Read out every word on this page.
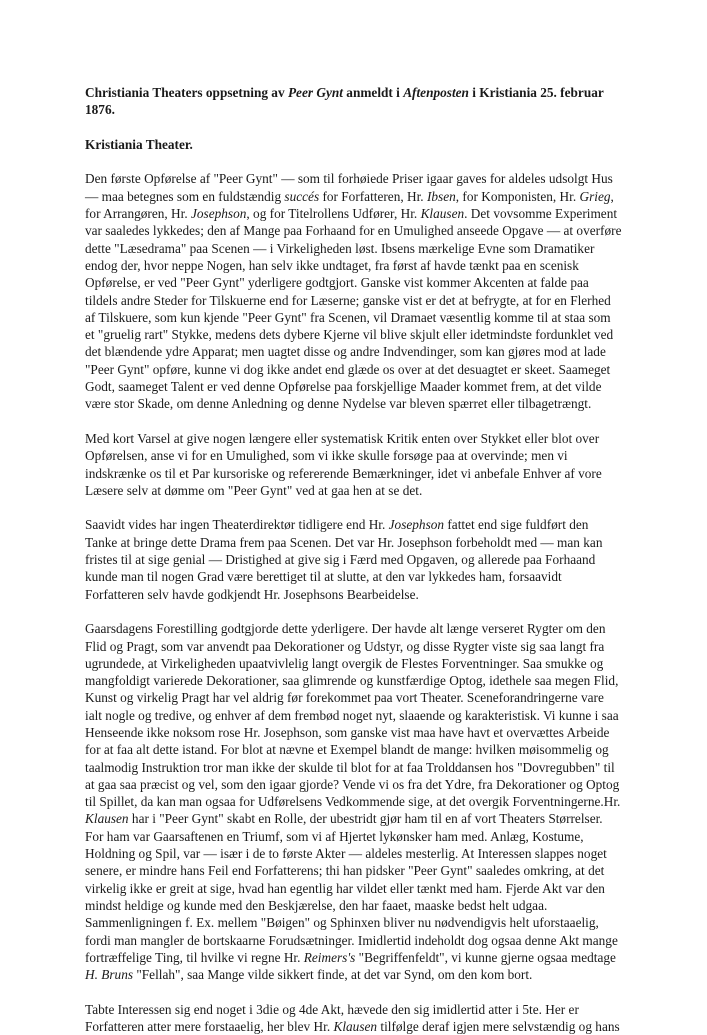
Christiania Theaters oppsetning av Peer Gynt anmeldt i Aftenposten i Kristiania 25. februar 1876.

Kristiania Theater.

Den første Opførelse af "Peer Gynt" — som til forhøiede Priser igaar gaves for aldeles udsolgt Hus — maa betegnes som en fuldstændig succés for Forfatteren, Hr. Ibsen, for Komponisten, Hr. Grieg, for Arrangøren, Hr. Josephson, og for Titelrollens Udfører, Hr. Klausen. Det vovsomme Experiment var saaledes lykkedes; den af Mange paa Forhaand for en Umulighed anseede Opgave — at overføre dette "Læsedrama" paa Scenen — i Virkeligheden løst. Ibsens mærkelige Evne som Dramatiker endog der, hvor neppe Nogen, han selv ikke undtaget, fra først af havde tænkt paa en scenisk Opførelse, er ved "Peer Gynt" yderligere godtgjort. Ganske vist kommer Akcenten at falde paa tildels andre Steder for Tilskuerne end for Læserne; ganske vist er det at befrygte, at for en Flerhed af Tilskuere, som kun kjende "Peer Gynt" fra Scenen, vil Dramaet væsentlig komme til at staa som et "gruelig rart" Stykke, medens dets dybere Kjerne vil blive skjult eller idetmindste fordunklet ved det blændende ydre Apparat; men uagtet disse og andre Indvendinger, som kan gjøres mod at lade "Peer Gynt" opføre, kunne vi dog ikke andet end glæde os over at det desuagtet er skeet. Saameget Godt, saameget Talent er ved denne Opførelse paa forskjellige Maader kommet frem, at det vilde være stor Skade, om denne Anledning og denne Nydelse var bleven spærret eller tilbagetrængt.

Med kort Varsel at give nogen længere eller systematisk Kritik enten over Stykket eller blot over Opførelsen, anse vi for en Umulighed, som vi ikke skulle forsøge paa at overvinde; men vi indskrænke os til et Par kursoriske og refererende Bemærkninger, idet vi anbefale Enhver af vore Læsere selv at dømme om "Peer Gynt" ved at gaa hen at se det.

Saavidt vides har ingen Theaterdirektør tidligere end Hr. Josephson fattet end sige fuldført den Tanke at bringe dette Drama frem paa Scenen. Det var Hr. Josephson forbeholdt med — man kan fristes til at sige genial — Dristighed at give sig i Færd med Opgaven, og allerede paa Forhaand kunde man til nogen Grad være berettiget til at slutte, at den var lykkedes ham, forsaavidt Forfatteren selv havde godkjendt Hr. Josephsons Bearbeidelse.

Gaarsdagens Forestilling godtgjorde dette yderligere. Der havde alt længe verseret Rygter om den Flid og Pragt, som var anvendt paa Dekorationer og Udstyr, og disse Rygter viste sig saa langt fra ugrundede, at Virkeligheden upaatvivlelig langt overgik de Flestes Forventninger. Saa smukke og mangfoldigt varierede Dekorationer, saa glimrende og kunstfærdige Optog, idethele saa megen Flid, Kunst og virkelig Pragt har vel aldrig før forekommet paa vort Theater. Sceneforandringerne vare ialt nogle og tredive, og enhver af dem frembød noget nyt, slaaende og karakteristisk. Vi kunne i saa Henseende ikke noksom rose Hr. Josephson, som ganske vist maa have havt et overvættes Arbeide for at faa alt dette istand. For blot at nævne et Exempel blandt de mange: hvilken møisommelig og taalmodig Instruktion tror man ikke der skulde til blot for at faa Trolddansen hos "Dovregubben" til at gaa saa præcist og vel, som den igaar gjorde? Vende vi os fra det Ydre, fra Dekorationer og Optog til Spillet, da kan man ogsaa for Udførelsens Vedkommende sige, at det overgik Forventningerne.Hr. Klausen har i "Peer Gynt" skabt en Rolle, der ubestridt gjør ham til en af vort Theaters Størrelser. For ham var Gaarsaftenen en Triumf, som vi af Hjertet lykønsker ham med. Anlæg, Kostume, Holdning og Spil, var — især i de to første Akter — aldeles mesterlig. At Interessen slappes noget senere, er mindre hans Feil end Forfatterens; thi han pidsker "Peer Gynt" saaledes omkring, at det virkelig ikke er greit at sige, hvad han egentlig har vildet eller tænkt med ham. Fjerde Akt var den mindst heldige og kunde med den Beskjærelse, den har faaet, maaske bedst helt udgaa. Sammenligningen f. Ex. mellem "Bøigen" og Sphinxen bliver nu nødvendigvis helt uforstaaelig, fordi man mangler de bortskaarne Forudsætninger. Imidlertid indeholdt dog ogsaa denne Akt mange fortræffelige Ting, til hvilke vi regne Hr. Reimers's "Begriffenfeldt", vi kunne gjerne ogsaa medtage H. Bruns "Fellah", saa Mange vilde sikkert finde, at det var Synd, om den kom bort.

Tabte Interessen sig end noget i 3die og 4de Akt, hævede den sig imidlertid atter i 5te. Her er Forfatteren atter mere forstaaelig, her blev Hr. Klausen tilfølge deraf igjen mere selvstændig og hans
